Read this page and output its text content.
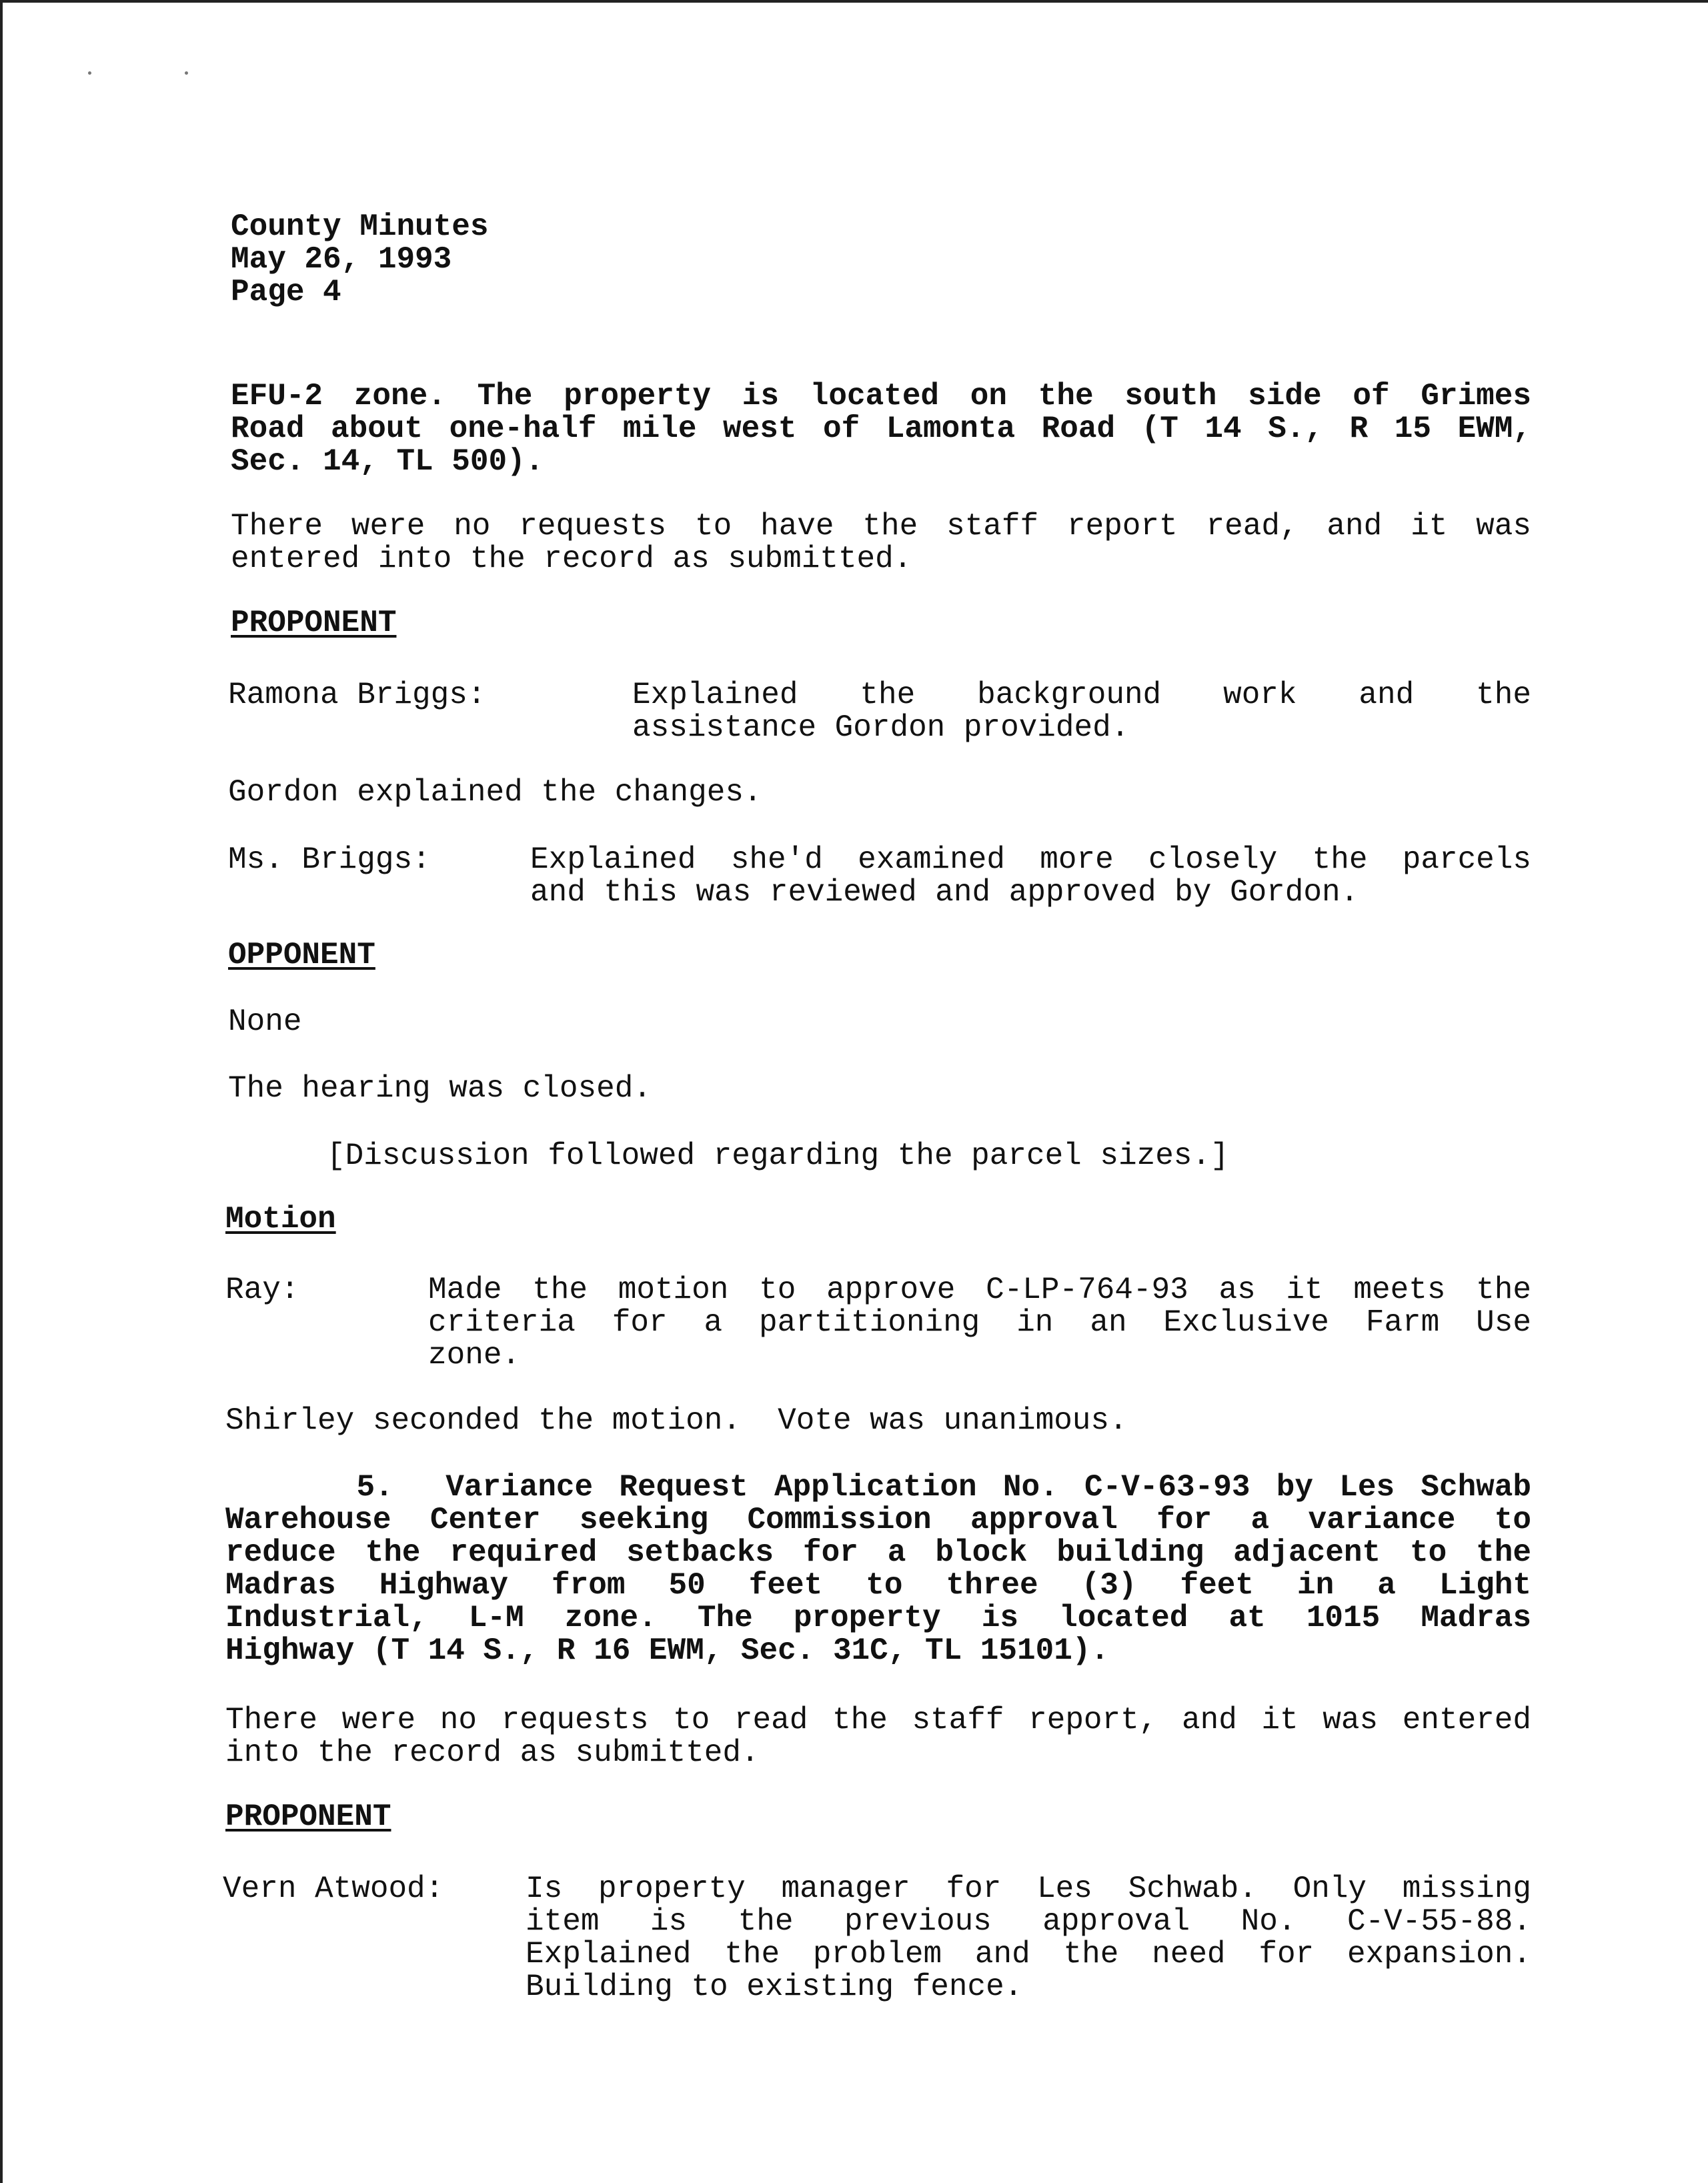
County Minutes

May 26, 1993

Page 4

EFU-2 zone. The property is located on the south side of Grimes
Road about one-half mile west of Lamonta Road (T 14 S., R 15 EWM,
Sec. 14, TL 500).
There were no requests to have the staff report read, and it was
entered into the record as submitted.

PROPONENT

Ramona Briggs:	Explained the background work and the
assistance Gordon provided.

Gordon explained the changes.

Ms. Briggs:	Explained she'd examined more closely the parcels
and this was reviewed and approved by Gordon.

OPPONENT

None

The hearing was closed.

[Discussion followed regarding the parcel sizes.]

Motion

Ray:	Made the motion to approve C-LP-764-93 as it meets the
criteria for a partitioning in an Exclusive Farm Use
zone.

Shirley seconded the motion.  Vote was unanimous.

5.  Variance Request Application No. C-V-63-93 by Les Schwab
Warehouse Center seeking Commission approval for a variance to
reduce the required setbacks for a block building adjacent to the
Madras Highway from 50 feet to three (3) feet in a Light
Industrial, L-M zone. The property is located at 1015 Madras
Highway (T 14 S., R 16 EWM, Sec. 31C, TL 15101).
There were no requests to read the staff report, and it was entered
into the record as submitted.

PROPONENT

Vern Atwood:	Is property manager for Les Schwab. Only missing
item is the previous approval No. C-V-55-88.
Explained the problem and the need for expansion.
Building to existing fence.
